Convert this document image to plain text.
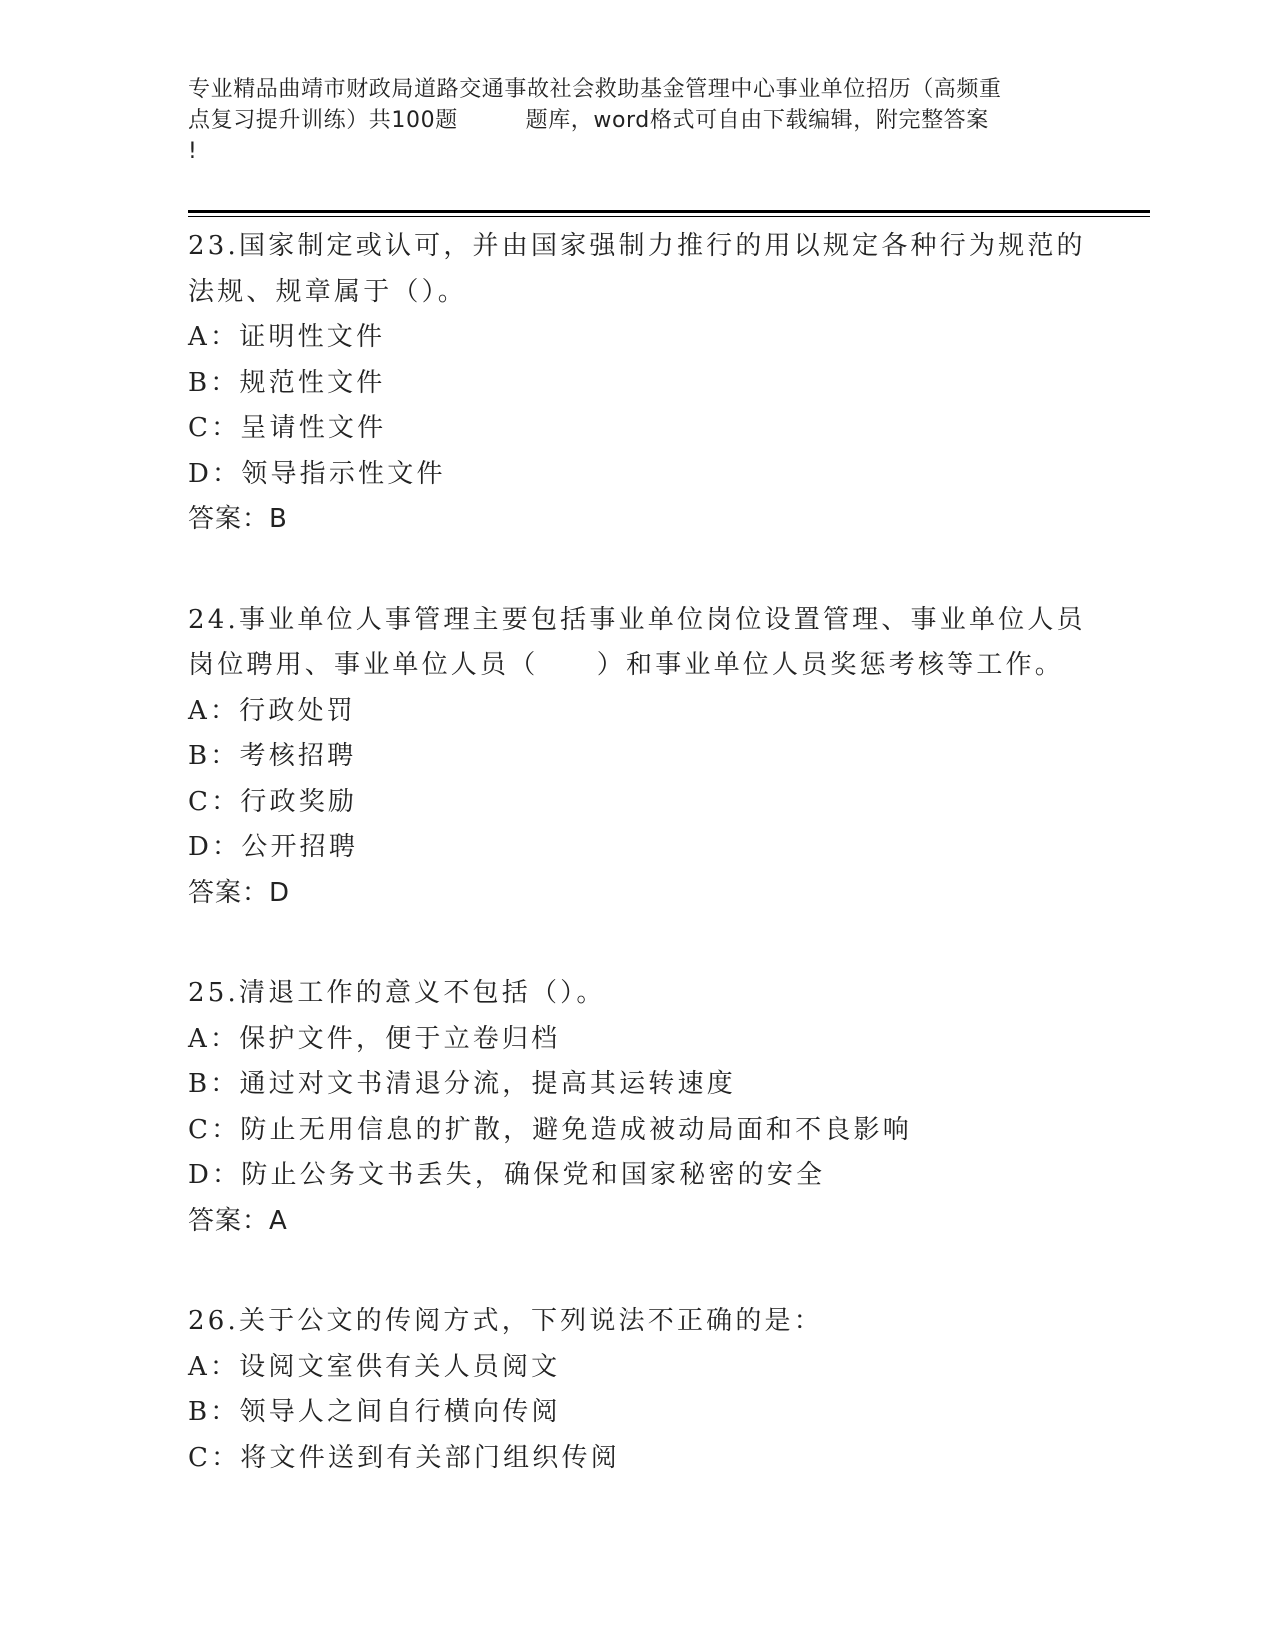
专业精品曲靖市财政局道路交通事故社会救助基金管理中心事业单位招历（高频重
点复习提升训练）共100题　　　题库，word格式可自由下载编辑，附完整答案
!

23.国家制定或认可，并由国家强制力推行的用以规定各种行为规范的
法规、规章属于（）。

A：证明性文件

B：规范性文件

C：呈请性文件

D：领导指示性文件

答案：B

24.事业单位人事管理主要包括事业单位岗位设置管理、事业单位人员
岗位聘用、事业单位人员（　　）和事业单位人员奖惩考核等工作。

A：行政处罚

B：考核招聘

C：行政奖励

D：公开招聘

答案：D

25.清退工作的意义不包括（）。

A：保护文件，便于立卷归档

B：通过对文书清退分流，提高其运转速度

C：防止无用信息的扩散，避免造成被动局面和不良影响

D：防止公务文书丢失，确保党和国家秘密的安全

答案：A

26.关于公文的传阅方式，下列说法不正确的是：

A：设阅文室供有关人员阅文

B：领导人之间自行横向传阅

C：将文件送到有关部门组织传阅
